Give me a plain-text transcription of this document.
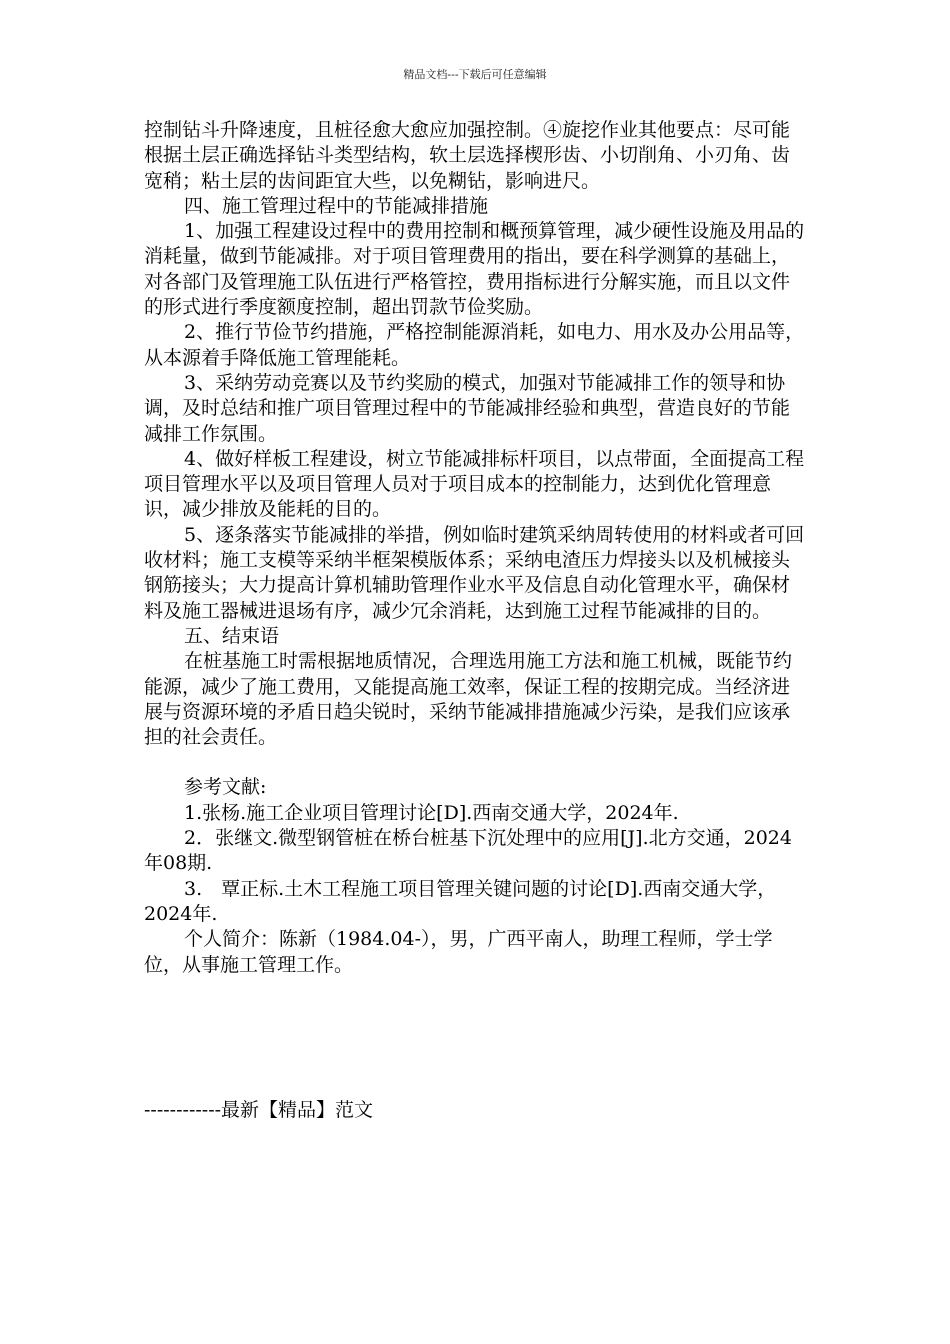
精品文档---下载后可任意编辑

控制钻斗升降速度，且桩径愈大愈应加强控制。④旋挖作业其他要点：尽可能根据土层正确选择钻斗类型结构，软土层选择楔形齿、小切削角、小刃角、齿宽稍；粘土层的齿间距宜大些，以免糊钻，影响进尺。

四、施工管理过程中的节能减排措施

1、加强工程建设过程中的费用控制和概预算管理，减少硬性设施及用品的消耗量，做到节能减排。对于项目管理费用的指出，要在科学测算的基础上，对各部门及管理施工队伍进行严格管控，费用指标进行分解实施，而且以文件的形式进行季度额度控制，超出罚款节俭奖励。

2、推行节俭节约措施，严格控制能源消耗，如电力、用水及办公用品等，从本源着手降低施工管理能耗。

3、采纳劳动竞赛以及节约奖励的模式，加强对节能减排工作的领导和协调，及时总结和推广项目管理过程中的节能减排经验和典型，营造良好的节能减排工作氛围。

4、做好样板工程建设，树立节能减排标杆项目，以点带面，全面提高工程项目管理水平以及项目管理人员对于项目成本的控制能力，达到优化管理意识，减少排放及能耗的目的。

5、逐条落实节能减排的举措，例如临时建筑采纳周转使用的材料或者可回收材料；施工支模等采纳半框架模版体系；采纳电渣压力焊接头以及机械接头钢筋接头；大力提高计算机辅助管理作业水平及信息自动化管理水平，确保材料及施工器械进退场有序，减少冗余消耗，达到施工过程节能减排的目的。

五、结束语

在桩基施工时需根据地质情况，合理选用施工方法和施工机械，既能节约能源，减少了施工费用，又能提高施工效率，保证工程的按期完成。当经济进展与资源环境的矛盾日趋尖锐时，采纳节能减排措施减少污染，是我们应该承担的社会责任。

参考文献:

1.张杨.施工企业项目管理讨论[D].西南交通大学，2024年.

2．张继文.微型钢管桩在桥台桩基下沉处理中的应用[J].北方交通，2024年08期.

3.　覃正标.土木工程施工项目管理关键问题的讨论[D].西南交通大学，2024年.

个人简介：陈新（1984.04-），男，广西平南人，助理工程师，学士学位，从事施工管理工作。

------------最新【精品】范文
